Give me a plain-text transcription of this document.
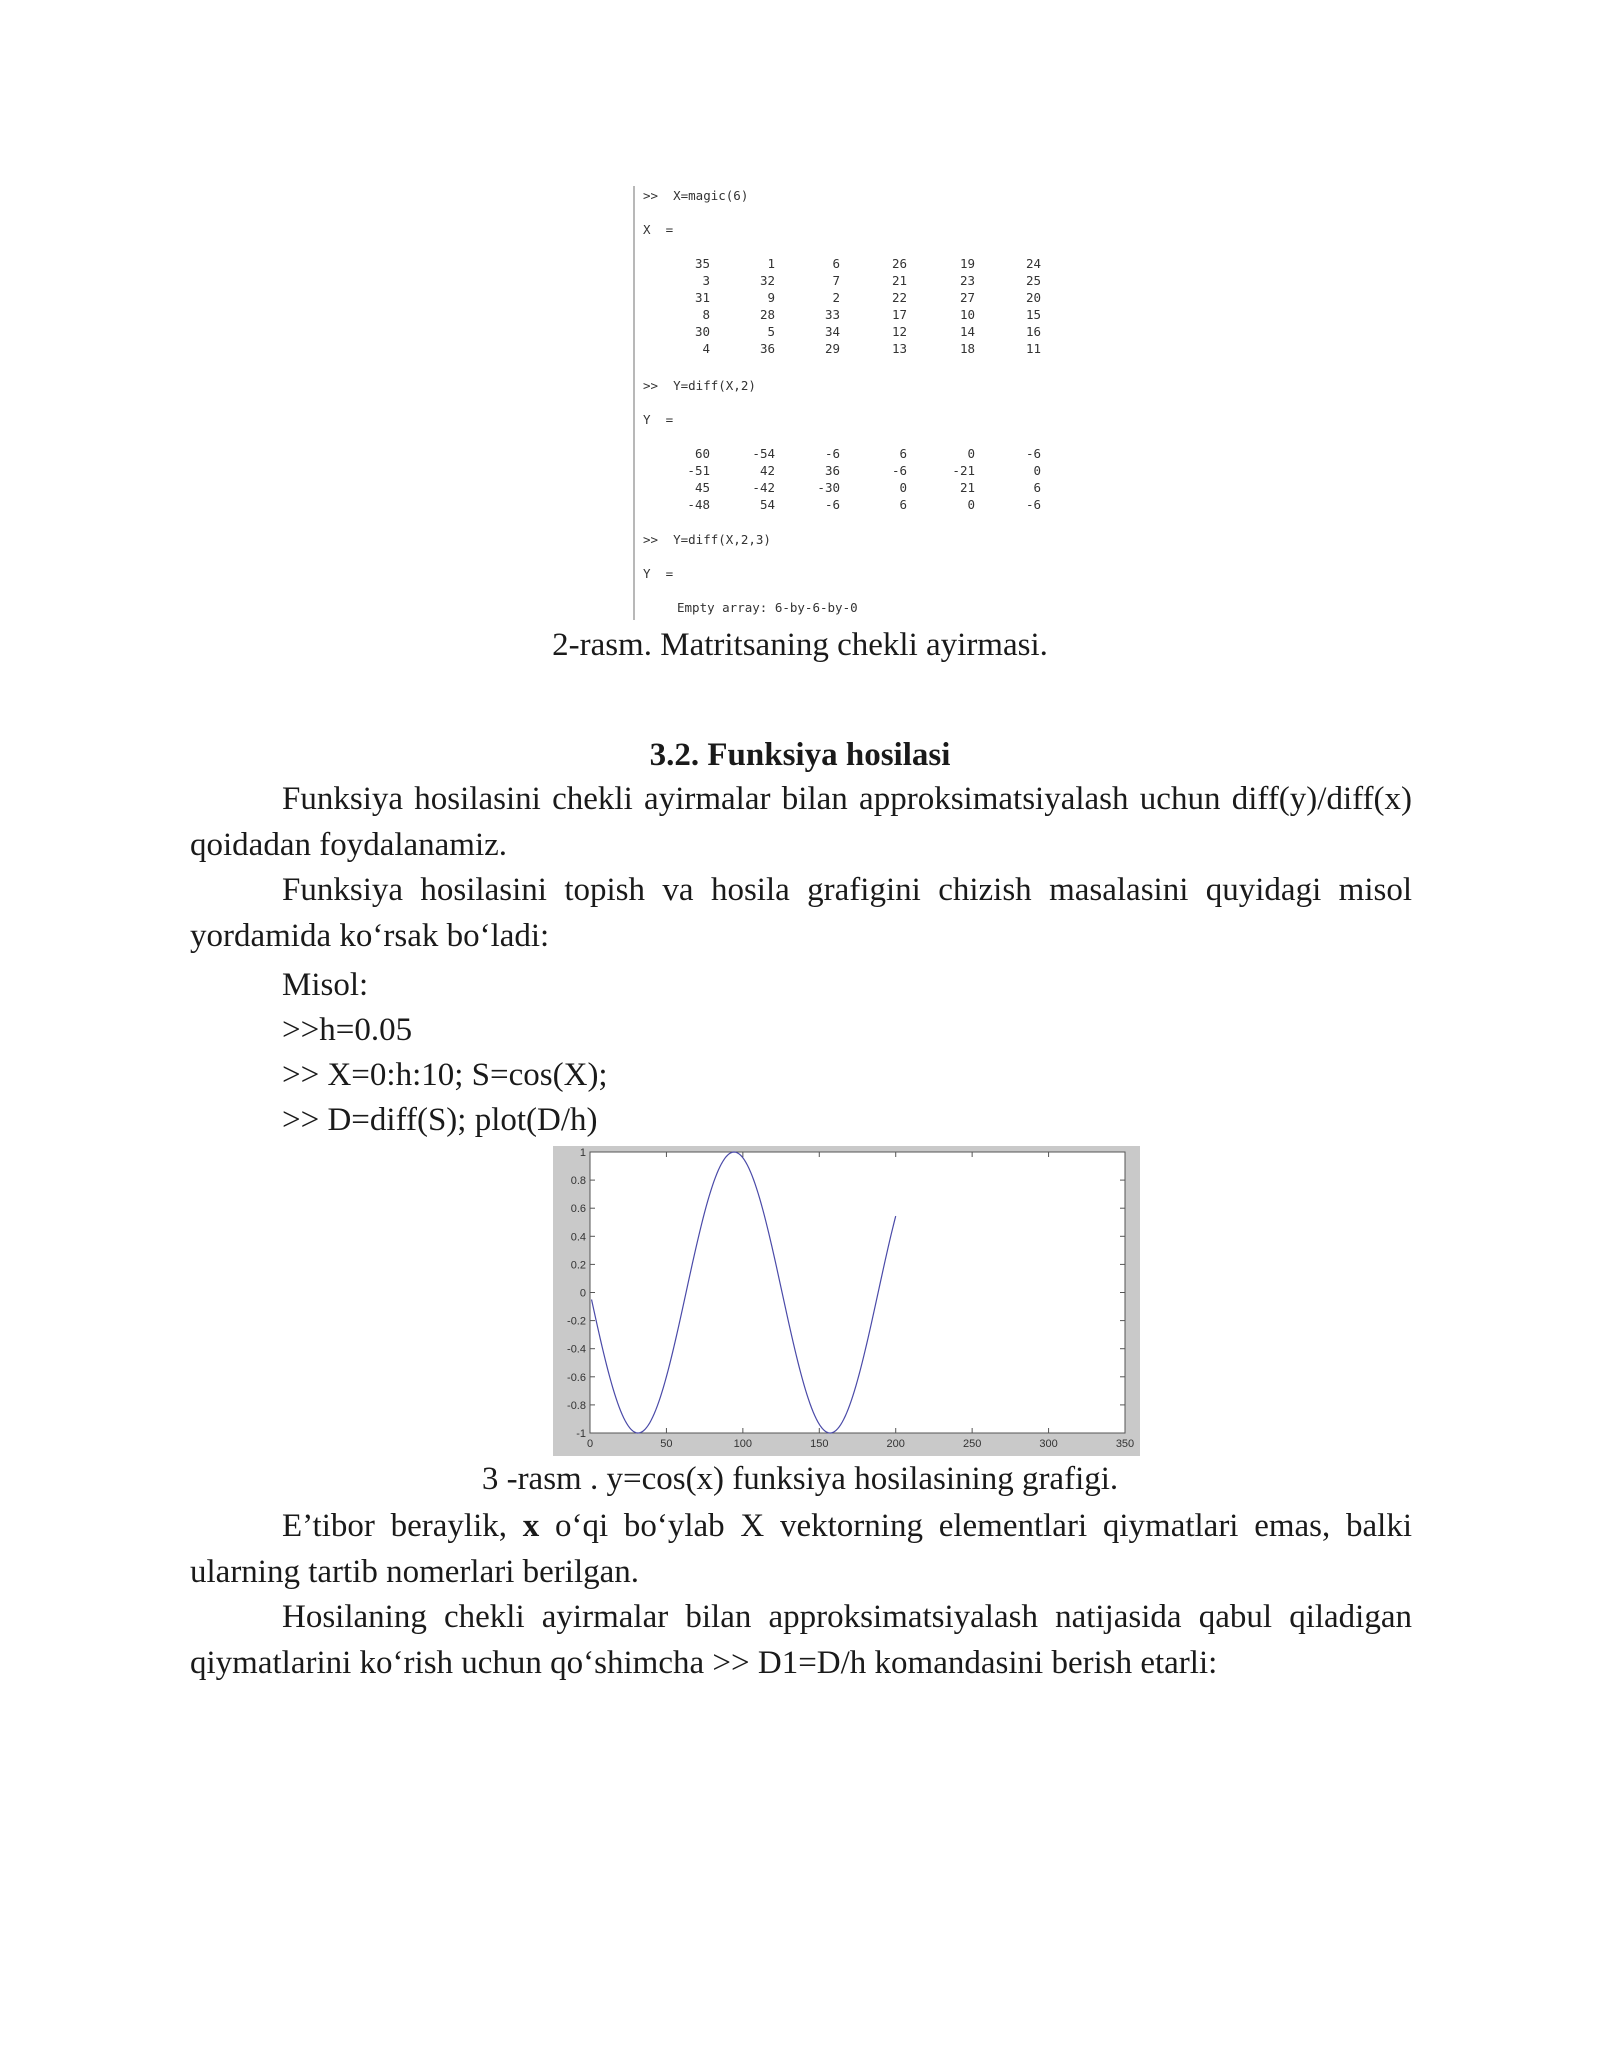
>>  X=magic(6)
X  =
35	1	6	26	19	24
3	32	7	21	23	25
31	9	2	22	27	20
8	28	33	17	10	15
30	5	34	12	14	16
4	36	29	13	18	11
>>  Y=diff(X,2)
Y  =
60	-54	-6	6	0	-6
-51	42	36	-6	-21	0
45	-42	-30	0	21	6
-48	54	-6	6	0	-6
>>  Y=diff(X,2,3)
Y  =
Empty array: 6-by-6-by-0
2-rasm. Matritsaning chekli ayirmasi.
3.2. Funksiya hosilasi
Funksiya hosilasini chekli ayirmalar bilan approksimatsiyalash uchun diff(y)/diff(x) qoidadan foydalanamiz.
Funksiya hosilasini topish va hosila grafigini chizish masalasini quyidagi misol yordamida ko‘rsak bo‘ladi:
Misol:
>>h=0.05
>> X=0:h:10; S=cos(X);
>> D=diff(S); plot(D/h)
1
0.8
0.6
0.4
0.2
0
-0.2
-0.4
-0.6
-0.8
-1
0	50	100	150	200	250	300	350
3 -rasm . y=cos(x) funksiya hosilasining grafigi.
E’tibor beraylik, x o‘qi bo‘ylab X vektorning elementlari qiymatlari emas, balki ularning tartib nomerlari berilgan.
Hosilaning chekli ayirmalar bilan approksimatsiyalash natijasida qabul qiladigan qiymatlarini ko‘rish uchun qo‘shimcha >> D1=D/h komandasini berish etarli:
